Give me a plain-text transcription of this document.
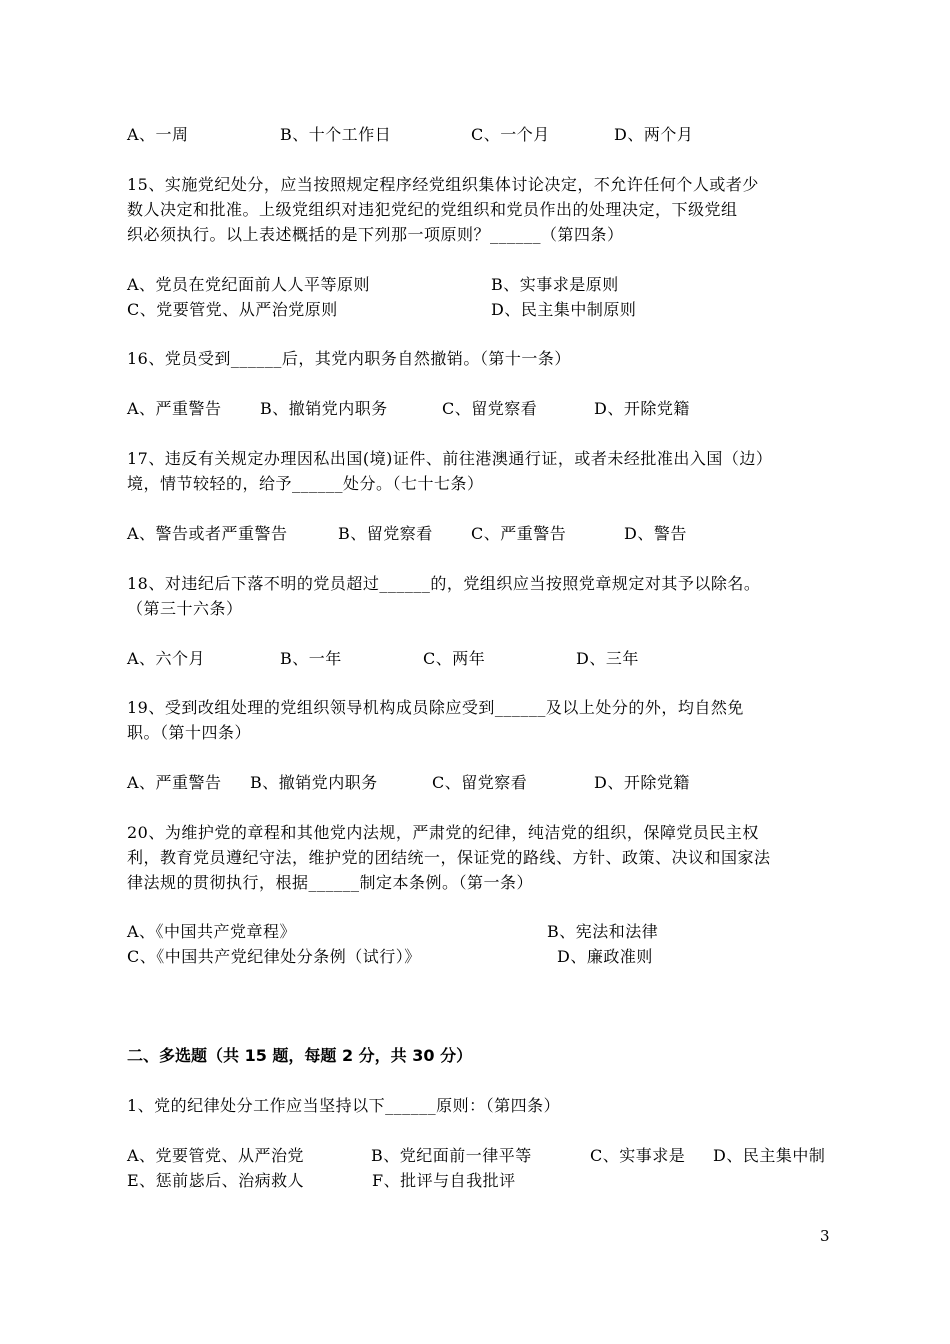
A、一周	B、十个工作日	C、一个月	D、两个月
15、实施党纪处分，应当按照规定程序经党组织集体讨论决定，不允许任何个人或者少
数人决定和批准。上级党组织对违犯党纪的党组织和党员作出的处理决定，下级党组
织必须执行。以上表述概括的是下列那一项原则？______（第四条）
A、党员在党纪面前人人平等原则	B、实事求是原则
C、党要管党、从严治党原则	D、民主集中制原则
16、党员受到______后，其党内职务自然撤销。（第十一条）
A、严重警告 B、撤销党内职务	C、留党察看	D、开除党籍
17、违反有关规定办理因私出国(境)证件、前往港澳通行证，或者未经批准出入国（边）
境，情节较轻的，给予______处分。（七十七条）
A、警告或者严重警告	B、留党察看 C、严重警告	D、警告
18、对违纪后下落不明的党员超过______的，党组织应当按照党章规定对其予以除名。
（第三十六条）
A、六个月	B、一年	C、两年	D、三年
19、受到改组处理的党组织领导机构成员除应受到______及以上处分的外，均自然免
职。（第十四条）
A、严重警告 B、撤销党内职务	C、留党察看	D、开除党籍
20、为维护党的章程和其他党内法规，严肃党的纪律，纯洁党的组织，保障党员民主权
利，教育党员遵纪守法，维护党的团结统一，保证党的路线、方针、政策、决议和国家法
律法规的贯彻执行，根据______制定本条例。（第一条）
A、《中国共产党章程》	B、宪法和法律
C、《中国共产党纪律处分条例（试行）》	D、廉政准则
二、多选题（共 15 题，每题 2 分，共 30 分）
1、党的纪律处分工作应当坚持以下______原则：（第四条）
A、党要管党、从严治党	B、党纪面前一律平等	C、实事求是 D、民主集中制
E、惩前毖后、治病救人	F、批评与自我批评
3
